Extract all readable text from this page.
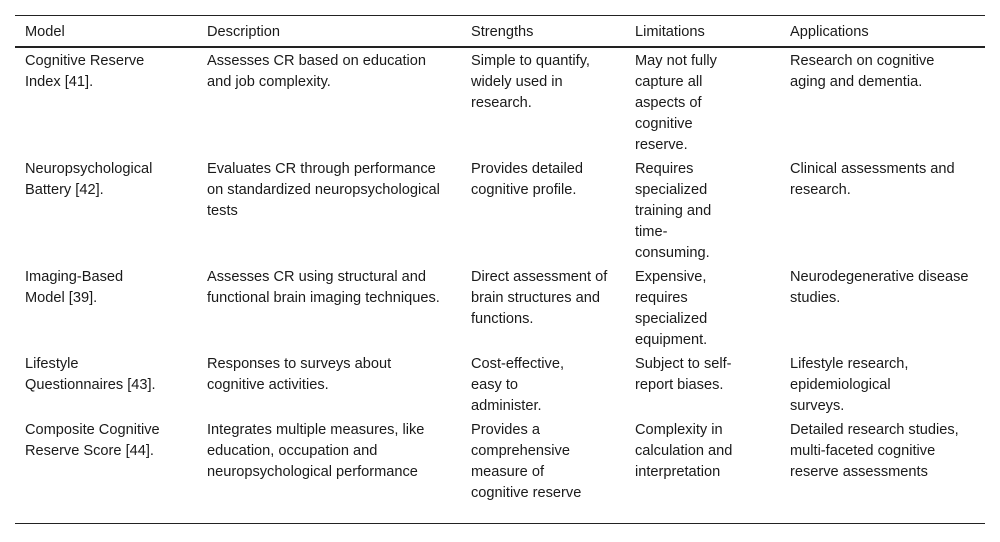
Model	Description	Strengths	Limitations	Applications

Cognitive Reserve Index [41].	Assesses CR based on education and job complexity.	Simple to quantify, widely used in research.	May not fully capture all aspects of cognitive reserve.	Research on cognitive aging and dementia.

Neuropsychological Battery [42].	Evaluates CR through performance on standardized neuropsychological tests	Provides detailed cognitive profile.	Requires specialized training and time-consuming.	Clinical assessments and research.

Imaging-Based Model [39].	Assesses CR using structural and functional brain imaging techniques.	Direct assessment of brain structures and functions.	Expensive, requires specialized equipment.	Neurodegenerative disease studies.

Lifestyle Questionnaires [43].	Responses to surveys about cognitive activities.	Cost-effective, easy to administer.	Subject to self-report biases.	Lifestyle research, epidemiological surveys.

Composite Cognitive Reserve Score [44].	Integrates multiple measures, like education, occupation and neuropsychological performance	Provides a comprehensive measure of cognitive reserve	Complexity in calculation and interpretation	Detailed research studies, multi-faceted cognitive reserve assessments
